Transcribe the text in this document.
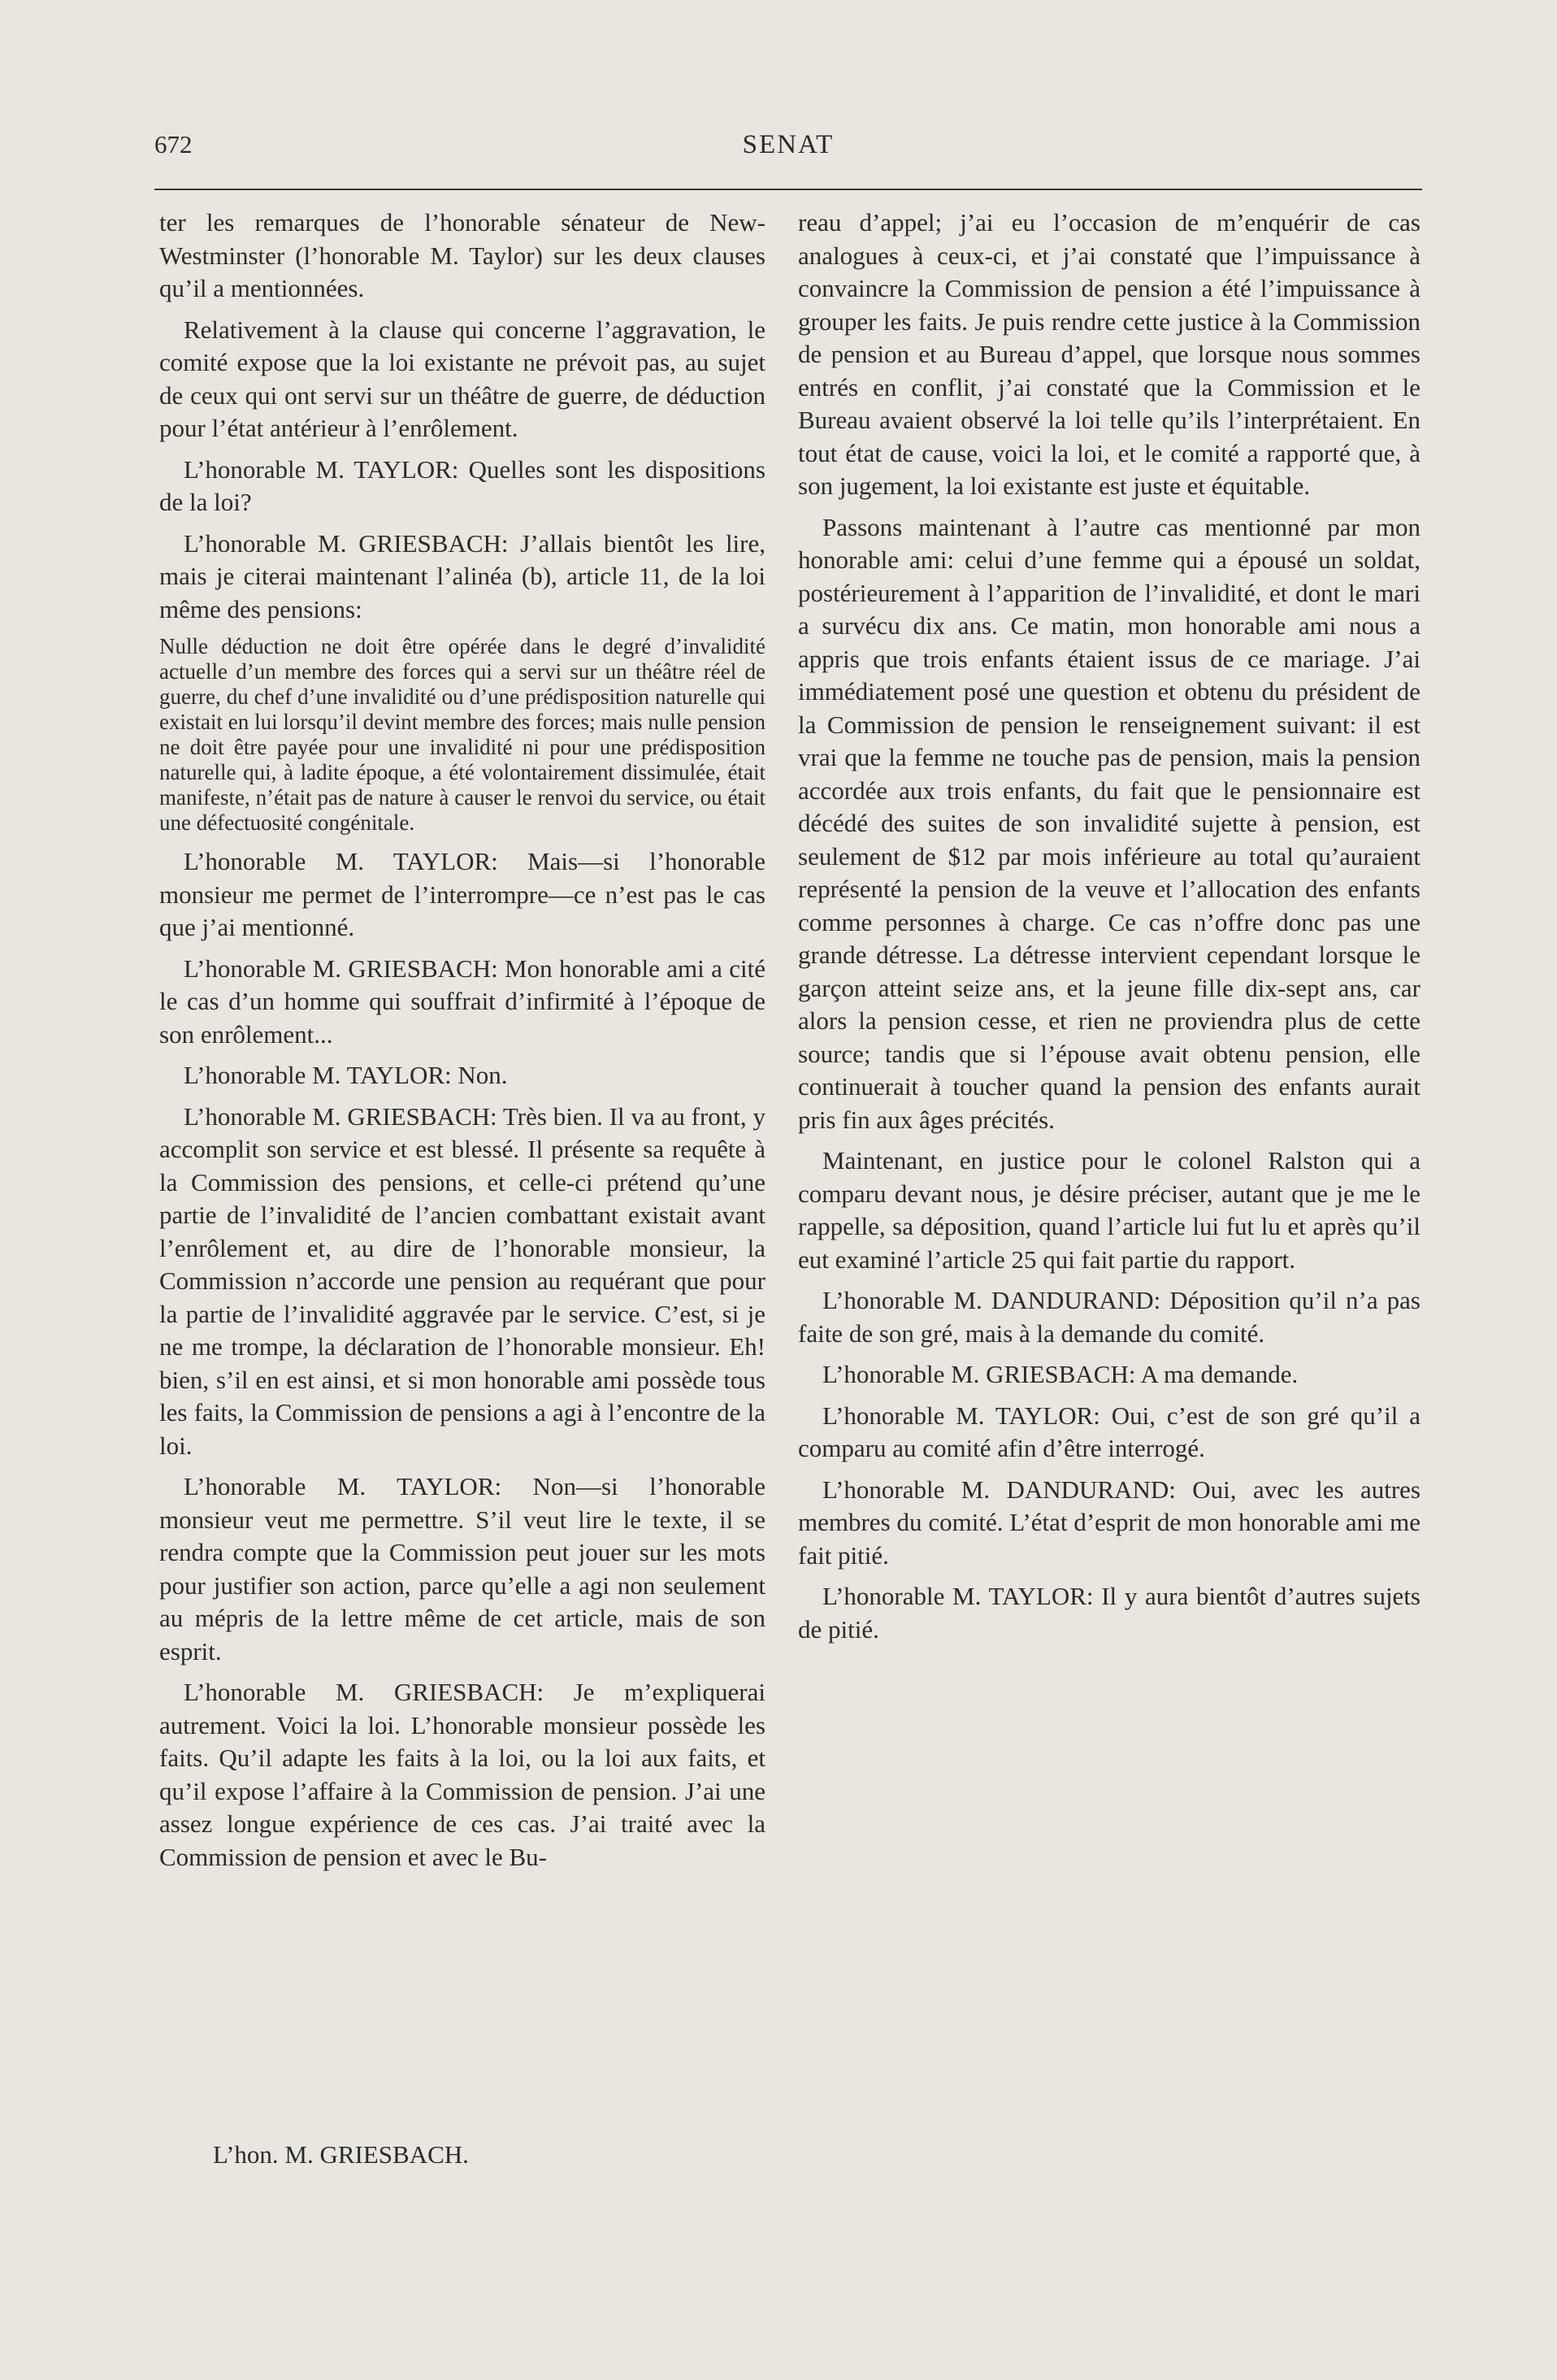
672	SENAT

ter les remarques de l’honorable sénateur de New-Westminster (l’honorable M. Taylor) sur les deux clauses qu’il a mentionnées.

Relativement à la clause qui concerne l’aggravation, le comité expose que la loi existante ne prévoit pas, au sujet de ceux qui ont servi sur un théâtre de guerre, de déduction pour l’état antérieur à l’enrôlement.

L’honorable M. TAYLOR: Quelles sont les dispositions de la loi?

L’honorable M. GRIESBACH: J’allais bientôt les lire, mais je citerai maintenant l’alinéa (b), article 11, de la loi même des pensions:

Nulle déduction ne doit être opérée dans le degré d’invalidité actuelle d’un membre des forces qui a servi sur un théâtre réel de guerre, du chef d’une invalidité ou d’une prédisposition naturelle qui existait en lui lorsqu’il devint membre des forces; mais nulle pension ne doit être payée pour une invalidité ni pour une prédisposition naturelle qui, à ladite époque, a été volontairement dissimulée, était manifeste, n’était pas de nature à causer le renvoi du service, ou était une défectuosité congénitale.

L’honorable M. TAYLOR: Mais—si l’honorable monsieur me permet de l’interrompre—ce n’est pas le cas que j’ai mentionné.

L’honorable M. GRIESBACH: Mon honorable ami a cité le cas d’un homme qui souffrait d’infirmité à l’époque de son enrôlement...

L’honorable M. TAYLOR: Non.

L’honorable M. GRIESBACH: Très bien. Il va au front, y accomplit son service et est blessé. Il présente sa requête à la Commission des pensions, et celle-ci prétend qu’une partie de l’invalidité de l’ancien combattant existait avant l’enrôlement et, au dire de l’honorable monsieur, la Commission n’accorde une pension au requérant que pour la partie de l’invalidité aggravée par le service. C’est, si je ne me trompe, la déclaration de l’honorable monsieur. Eh! bien, s’il en est ainsi, et si mon honorable ami possède tous les faits, la Commission de pensions a agi à l’encontre de la loi.

L’honorable M. TAYLOR: Non—si l’honorable monsieur veut me permettre. S’il veut lire le texte, il se rendra compte que la Commission peut jouer sur les mots pour justifier son action, parce qu’elle a agi non seulement au mépris de la lettre même de cet article, mais de son esprit.

L’honorable M. GRIESBACH: Je m’expliquerai autrement. Voici la loi. L’honorable monsieur possède les faits. Qu’il adapte les faits à la loi, ou la loi aux faits, et qu’il expose l’affaire à la Commission de pension. J’ai une assez longue expérience de ces cas. J’ai traité avec la Commission de pension et avec le Bu-

reau d’appel; j’ai eu l’occasion de m’enquérir de cas analogues à ceux-ci, et j’ai constaté que l’impuissance à convaincre la Commission de pension a été l’impuissance à grouper les faits. Je puis rendre cette justice à la Commission de pension et au Bureau d’appel, que lorsque nous sommes entrés en conflit, j’ai constaté que la Commission et le Bureau avaient observé la loi telle qu’ils l’interprétaient. En tout état de cause, voici la loi, et le comité a rapporté que, à son jugement, la loi existante est juste et équitable.

Passons maintenant à l’autre cas mentionné par mon honorable ami: celui d’une femme qui a épousé un soldat, postérieurement à l’apparition de l’invalidité, et dont le mari a survécu dix ans. Ce matin, mon honorable ami nous a appris que trois enfants étaient issus de ce mariage. J’ai immédiatement posé une question et obtenu du président de la Commission de pension le renseignement suivant: il est vrai que la femme ne touche pas de pension, mais la pension accordée aux trois enfants, du fait que le pensionnaire est décédé des suites de son invalidité sujette à pension, est seulement de $12 par mois inférieure au total qu’auraient représenté la pension de la veuve et l’allocation des enfants comme personnes à charge. Ce cas n’offre donc pas une grande détresse. La détresse intervient cependant lorsque le garçon atteint seize ans, et la jeune fille dix-sept ans, car alors la pension cesse, et rien ne proviendra plus de cette source; tandis que si l’épouse avait obtenu pension, elle continuerait à toucher quand la pension des enfants aurait pris fin aux âges précités.

Maintenant, en justice pour le colonel Ralston qui a comparu devant nous, je désire préciser, autant que je me le rappelle, sa déposition, quand l’article lui fut lu et après qu’il eut examiné l’article 25 qui fait partie du rapport.

L’honorable M. DANDURAND: Déposition qu’il n’a pas faite de son gré, mais à la demande du comité.

L’honorable M. GRIESBACH: A ma demande.

L’honorable M. TAYLOR: Oui, c’est de son gré qu’il a comparu au comité afin d’être interrogé.

L’honorable M. DANDURAND: Oui, avec les autres membres du comité. L’état d’esprit de mon honorable ami me fait pitié.

L’honorable M. TAYLOR: Il y aura bientôt d’autres sujets de pitié.

L’hon. M. GRIESBACH.
